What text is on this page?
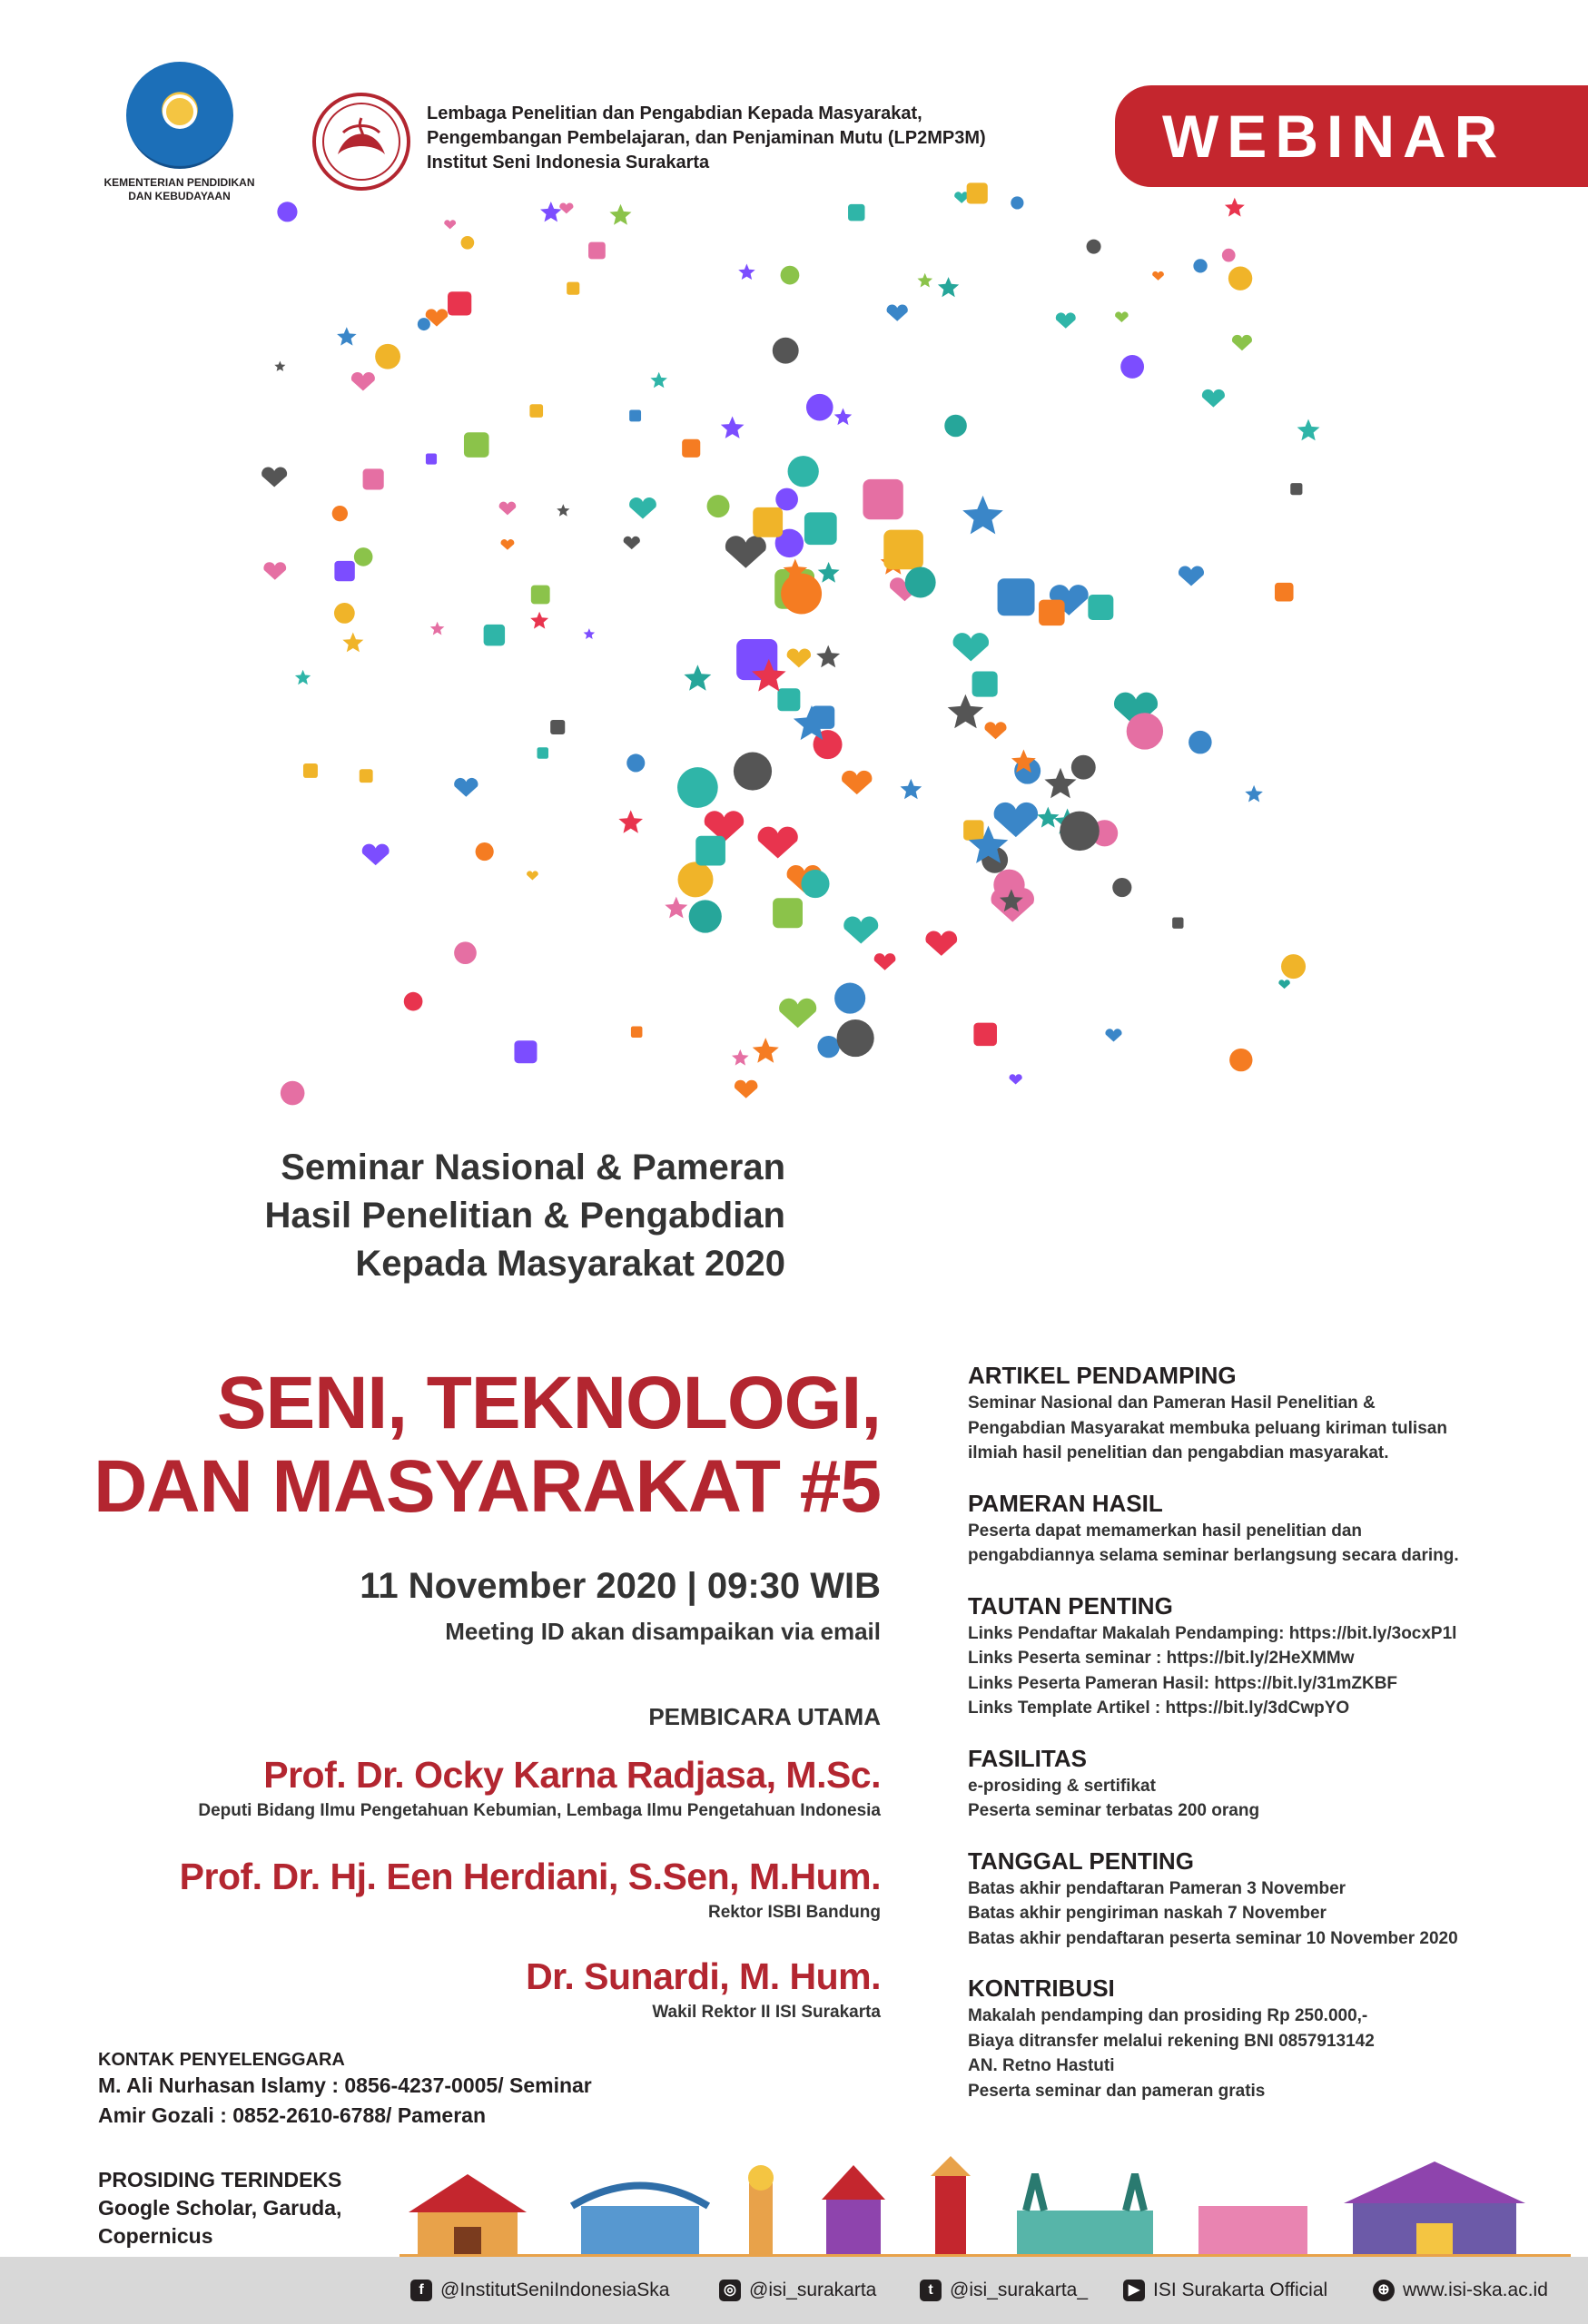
KEMENTERIAN PENDIDIKAN DAN KEBUDAYAAN
Lembaga Penelitian dan Pengabdian Kepada Masyarakat,
Pengembangan Pembelajaran, dan Penjaminan Mutu (LP2MP3M)
Institut Seni Indonesia Surakarta	WEBINAR
Seminar Nasional & Pameran
Hasil Penelitian & Pengabdian
Kepada Masyarakat 2020
SENI, TEKNOLOGI,
DAN MASYARAKAT #5
11 November 2020 | 09:30 WIB
Meeting ID akan disampaikan via email
PEMBICARA UTAMA
Prof. Dr. Ocky Karna Radjasa, M.Sc.
Deputi Bidang Ilmu Pengetahuan Kebumian, Lembaga Ilmu Pengetahuan Indonesia
Prof. Dr. Hj. Een Herdiani, S.Sen, M.Hum.
Rektor ISBI Bandung
Dr. Sunardi, M. Hum.
Wakil Rektor II ISI Surakarta
KONTAK PENYELENGGARA
M. Ali Nurhasan Islamy : 0856-4237-0005/ Seminar
Amir Gozali : 0852-2610-6788/ Pameran
PROSIDING TERINDEKS
Google Scholar, Garuda,
Copernicus
ARTIKEL PENDAMPING
Seminar Nasional dan Pameran Hasil Penelitian &
Pengabdian Masyarakat membuka peluang kiriman tulisan
ilmiah hasil penelitian dan pengabdian masyarakat.
PAMERAN HASIL
Peserta dapat memamerkan hasil penelitian dan
pengabdiannya selama seminar berlangsung secara daring.
TAUTAN PENTING
Links Pendaftar Makalah Pendamping: https://bit.ly/3ocxP1l
Links Peserta seminar : https://bit.ly/2HeXMMw
Links Peserta Pameran Hasil: https://bit.ly/31mZKBF
Links Template Artikel : https://bit.ly/3dCwpYO
FASILITAS
e-prosiding & sertifikat
Peserta seminar terbatas 200 orang
TANGGAL PENTING
Batas akhir pendaftaran Pameran 3 November
Batas akhir pengiriman naskah 7 November
Batas akhir pendaftaran peserta seminar 10 November 2020
KONTRIBUSI
Makalah pendamping dan prosiding Rp 250.000,-
Biaya ditransfer melalui rekening BNI 0857913142
AN. Retno Hastuti
Peserta seminar dan pameran gratis
f @InstitutSeniIndonesiaSka	◎ @isi_surakarta	t @isi_surakarta_	▶ ISI Surakarta Official	⊕ www.isi-ska.ac.id
